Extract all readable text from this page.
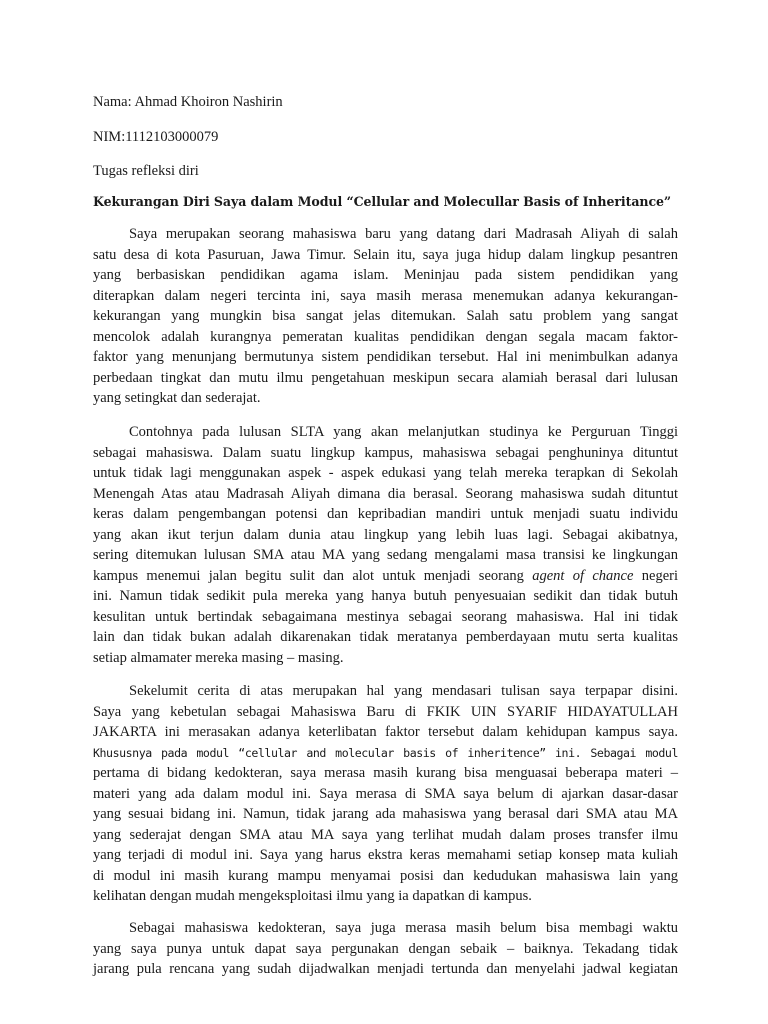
Nama: Ahmad Khoiron Nashirin
NIM:1112103000079
Tugas refleksi diri
Kekurangan Diri Saya dalam Modul “Cellular and Molecullar Basis of Inheritance”
Saya merupakan seorang mahasiswa baru yang datang dari Madrasah Aliyah di salah
satu desa di kota Pasuruan, Jawa Timur. Selain itu, saya juga hidup dalam lingkup pesantren
yang berbasiskan pendidikan agama islam. Meninjau pada sistem pendidikan yang
diterapkan dalam negeri tercinta ini, saya masih merasa menemukan adanya kekurangan-
kekurangan yang mungkin bisa sangat jelas ditemukan. Salah satu problem yang sangat
mencolok adalah kurangnya pemeratan kualitas pendidikan dengan segala macam faktor-
faktor yang menunjang bermutunya sistem pendidikan tersebut. Hal ini menimbulkan adanya
perbedaan tingkat dan mutu ilmu pengetahuan meskipun secara alamiah berasal dari lulusan
yang setingkat dan sederajat.
Contohnya pada lulusan SLTA yang akan melanjutkan studinya ke Perguruan Tinggi
sebagai mahasiswa. Dalam suatu lingkup kampus, mahasiswa sebagai penghuninya dituntut
untuk tidak lagi menggunakan aspek - aspek edukasi yang telah mereka terapkan di Sekolah
Menengah Atas atau Madrasah Aliyah dimana dia berasal. Seorang mahasiswa sudah dituntut
keras dalam pengembangan potensi dan kepribadian mandiri untuk menjadi suatu individu
yang akan ikut terjun dalam dunia atau lingkup yang lebih luas lagi. Sebagai akibatnya,
sering ditemukan lulusan SMA atau MA yang sedang mengalami masa transisi ke lingkungan
kampus menemui jalan begitu sulit dan alot untuk menjadi seorang agent of chance negeri
ini. Namun tidak sedikit pula mereka yang hanya butuh penyesuaian sedikit dan tidak butuh
kesulitan untuk bertindak sebagaimana mestinya sebagai seorang mahasiswa. Hal ini tidak
lain dan tidak bukan adalah dikarenakan tidak meratanya pemberdayaan mutu serta kualitas
setiap almamater mereka masing – masing.
Sekelumit cerita di atas merupakan hal yang mendasari tulisan saya terpapar disini.
Saya yang kebetulan sebagai Mahasiswa Baru di FKIK UIN SYARIF HIDAYATULLAH
JAKARTA ini merasakan adanya keterlibatan faktor tersebut dalam kehidupan kampus saya.
Khususnya pada modul “cellular and molecular basis of inheritence” ini. Sebagai modul
pertama di bidang kedokteran, saya merasa masih kurang bisa menguasai beberapa materi –
materi yang ada dalam modul ini. Saya merasa di SMA saya belum di ajarkan dasar-dasar
yang sesuai bidang ini. Namun, tidak jarang ada mahasiswa yang berasal dari SMA atau MA
yang sederajat dengan SMA atau MA saya yang terlihat mudah dalam proses transfer ilmu
yang terjadi di modul ini. Saya yang harus ekstra keras memahami setiap konsep mata kuliah
di modul ini masih kurang mampu menyamai posisi dan kedudukan mahasiswa lain yang
kelihatan dengan mudah mengeksploitasi ilmu yang ia dapatkan di kampus.
Sebagai mahasiswa kedokteran, saya juga merasa masih belum bisa membagi waktu
yang saya punya untuk dapat saya pergunakan dengan sebaik – baiknya. Tekadang tidak
jarang pula rencana yang sudah dijadwalkan menjadi tertunda dan menyelahi jadwal kegiatan
